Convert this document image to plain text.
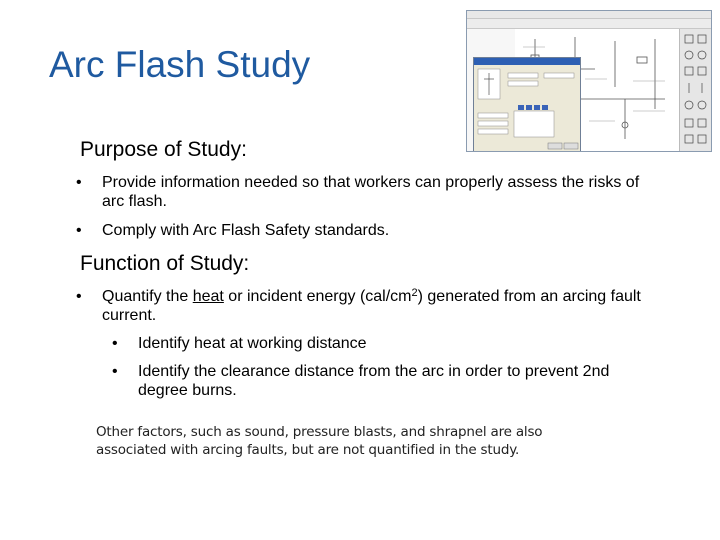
Arc Flash Study
Purpose of Study:
• Provide information needed so that workers can properly assess the risks of arc flash.
• Comply with Arc Flash Safety standards.
Function of Study:
• Quantify the heat or incident energy $(cal/cm^2)$ generated from an arcing fault current.
• Identify heat at working distance
• Identify the clearance distance from the arc in order to prevent 2nd degree burns.
Other factors, such as sound, pressure blasts, and shrapnel are also associated with arcing faults, but are not quantified in the study.
